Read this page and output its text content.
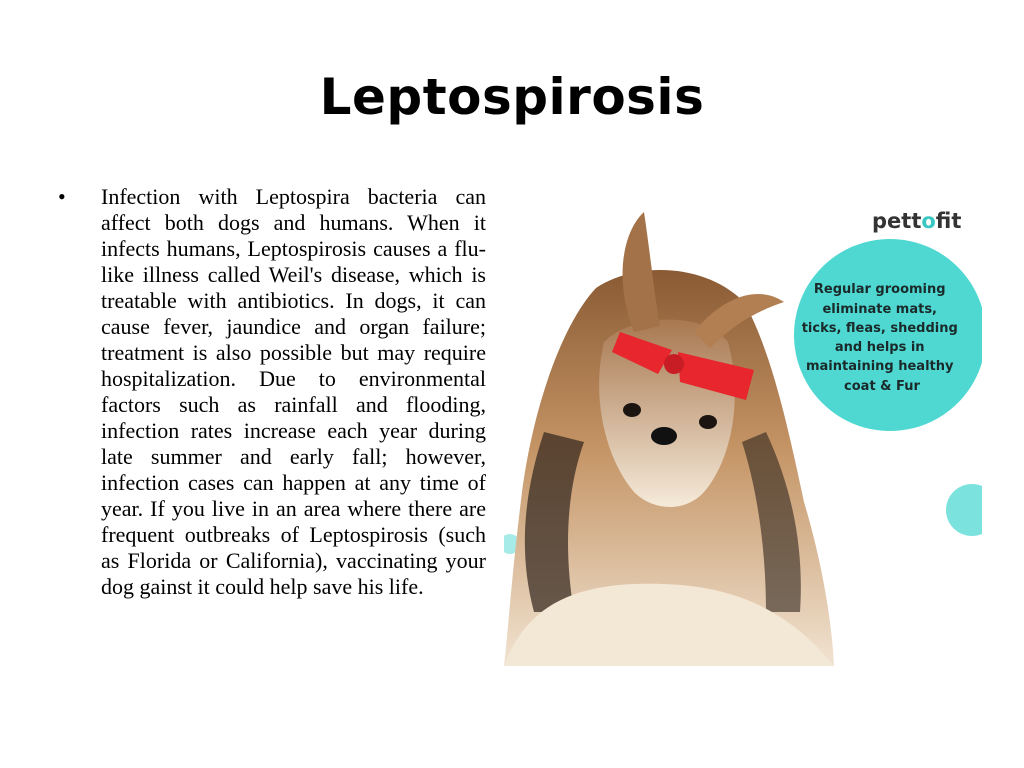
Leptospirosis
• Infection with Leptospira bacteria can affect both dogs and humans. When it infects humans, Leptospirosis causes a flu-like illness called Weil's disease, which is treatable with antibiotics. In dogs, it can cause fever, jaundice and organ failure; treatment is also possible but may require hospitalization. Due to environmental factors such as rainfall and flooding, infection rates increase each year during late summer and early fall; however, infection cases can happen at any time of year. If you live in an area where there are frequent outbreaks of Leptospirosis (such as Florida or California), vaccinating your dog gainst it could help save his life.
Regular grooming eliminate mats, ticks, fleas, shedding and helps in maintaining healthy coat & Fur
pettofit
